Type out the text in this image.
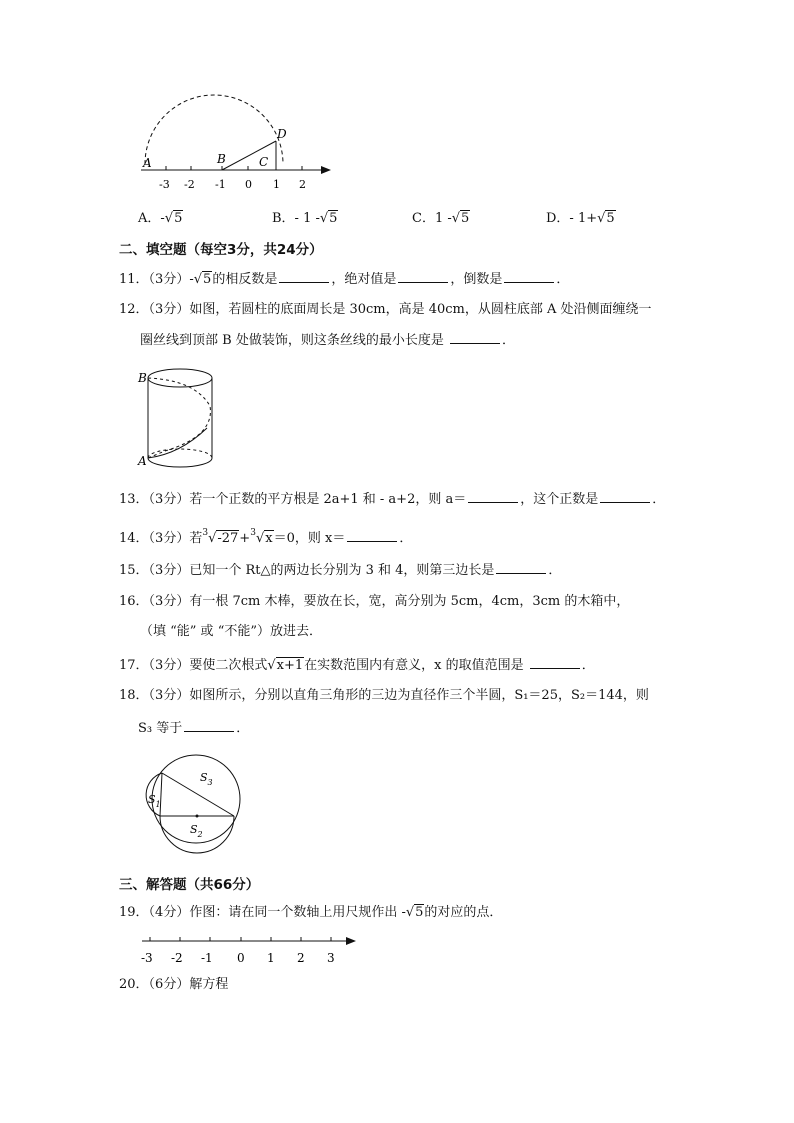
A	B	C
D
-3 -2 -1 0 1 2
A．-√5	B．- 1 -√5	C．1 -√5	D．- 1+√5
二、填空题（每空3分，共24分）
11．（3分）-√5的相反数是	，绝对值是	，倒数是	．
12．（3分）如图，若圆柱的底面周长是 30cm，高是 40cm，从圆柱底部 A 处沿侧面缠绕一
圈丝线到顶部 B 处做装饰，则这条丝线的最小长度是	．
B
A
13．（3分）若一个正数的平方根是 2a+1 和 - a+2，则 a＝	，这个正数是	．
14．（3分）若$^3$√-27+$^3$√x＝0，则 x＝	．
15．（3分）已知一个 Rt△的两边长分别为 3 和 4，则第三边长是	．
16．（3分）有一根 7cm 木棒，要放在长，宽，高分别为 5cm，4cm，3cm 的木箱中，
（填 “能” 或 “不能”）放进去．
17．（3分）要使二次根式√x+1在实数范围内有意义，x 的取值范围是	．
18．（3分）如图所示，分别以直角三角形的三边为直径作三个半圆，S₁＝25，S₂＝144，则
S₃ 等于	．
$S_3$
$S_1$
$S_2$
三、解答题（共66分）
19．（4分）作图：请在同一个数轴上用尺规作出 -√5的对应的点．
-3 -2 -1 0 1 2 3
20．（6分）解方程
